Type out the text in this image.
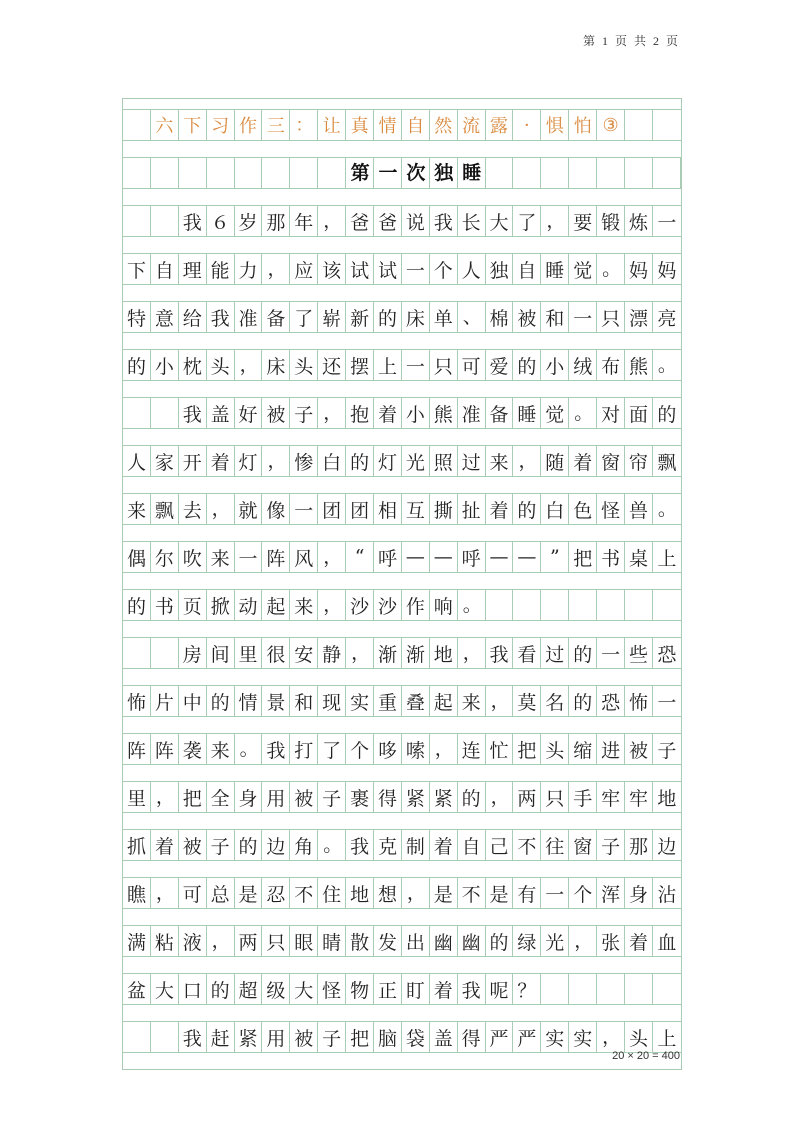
第 1 页 共 2 页
六 下 习 作 三 ： 让 真 情 自 然 流 露 · 惧 怕 ③
　　　　　　　　第一次独睡　　　　　　　
我 ６ 岁 那 年 ， 爸 爸 说 我 长 大 了 ， 要 锻 炼 一
下 自 理 能 力 ， 应 该 试 试 一 个 人 独 自 睡 觉 。 妈 妈
特 意 给 我 准 备 了 崭 新 的 床 单 、 棉 被 和 一 只 漂 亮
的 小 枕 头 ， 床 头 还 摆 上 一 只 可 爱 的 小 绒 布 熊 。
我 盖 好 被 子 ， 抱 着 小 熊 准 备 睡 觉 。 对 面 的
人 家 开 着 灯 ， 惨 白 的 灯 光 照 过 来 ， 随 着 窗 帘 飘
来 飘 去 ， 就 像 一 团 团 相 互 撕 扯 着 的 白 色 怪 兽 。
偶 尔 吹 来 一 阵 风 ， “ 呼 — — 呼 — — ” 把 书 桌 上
的 书 页 掀 动 起 来 ， 沙 沙 作 响 。
房 间 里 很 安 静 ， 渐 渐 地 ， 我 看 过 的 一 些 恐
怖 片 中 的 情 景 和 现 实 重 叠 起 来 ， 莫 名 的 恐 怖 一
阵 阵 袭 来 。 我 打 了 个 哆 嗦 ， 连 忙 把 头 缩 进 被 子
里 ， 把 全 身 用 被 子 裹 得 紧 紧 的 ， 两 只 手 牢 牢 地
抓 着 被 子 的 边 角 。 我 克 制 着 自 己 不 往 窗 子 那 边
瞧 ， 可 总 是 忍 不 住 地 想 ， 是 不 是 有 一 个 浑 身 沾
满 粘 液 ， 两 只 眼 睛 散 发 出 幽 幽 的 绿 光 ， 张 着 血
盆 大 口 的 超 级 大 怪 物 正 盯 着 我 呢 ？
我 赶 紧 用 被 子 把 脑 袋 盖 得 严 严 实 实 ， 头 上
20 × 20 = 400
